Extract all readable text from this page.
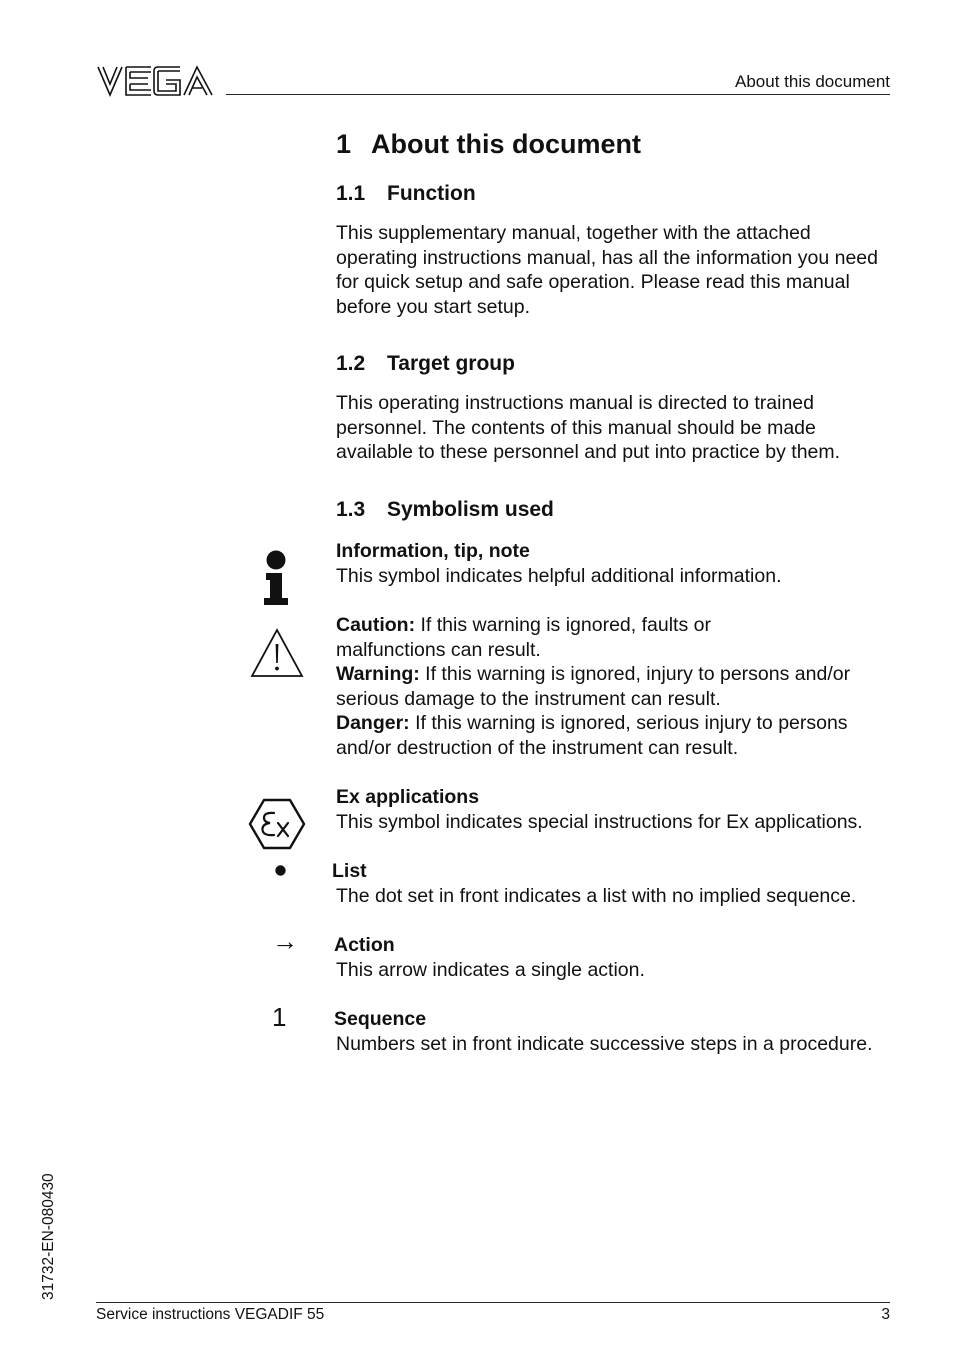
About this document
1 About this document
1.1 Function
This supplementary manual, together with the attached operating instructions manual, has all the information you need for quick setup and safe operation. Please read this manual before you start setup.
1.2 Target group
This operating instructions manual is directed to trained personnel. The contents of this manual should be made available to these personnel and put into practice by them.
1.3 Symbolism used
Information, tip, note
This symbol indicates helpful additional information.
Caution: If this warning is ignored, faults or
malfunctions can result.
Warning: If this warning is ignored, injury to persons and/or serious damage to the instrument can result.
Danger: If this warning is ignored, serious injury to persons and/or destruction of the instrument can result.
Ex applications
This symbol indicates special instructions for Ex applications.
List
The dot set in front indicates a list with no implied sequence.
→ Action
This arrow indicates a single action.
1 Sequence
Numbers set in front indicate successive steps in a procedure.
31732-EN-080430
Service instructions VEGADIF 55	3
